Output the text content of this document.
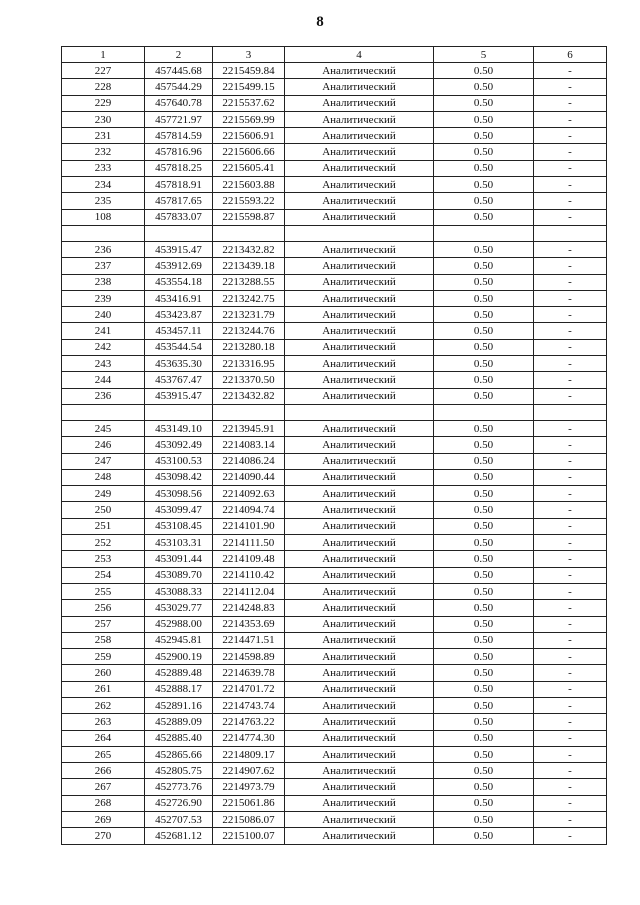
8
1	2	3	4	5	6
227	457445.68	2215459.84	Аналитический	0.50	-
228	457544.29	2215499.15	Аналитический	0.50	-
229	457640.78	2215537.62	Аналитический	0.50	-
230	457721.97	2215569.99	Аналитический	0.50	-
231	457814.59	2215606.91	Аналитический	0.50	-
232	457816.96	2215606.66	Аналитический	0.50	-
233	457818.25	2215605.41	Аналитический	0.50	-
234	457818.91	2215603.88	Аналитический	0.50	-
235	457817.65	2215593.22	Аналитический	0.50	-
108	457833.07	2215598.87	Аналитический	0.50	-

236	453915.47	2213432.82	Аналитический	0.50	-
237	453912.69	2213439.18	Аналитический	0.50	-
238	453554.18	2213288.55	Аналитический	0.50	-
239	453416.91	2213242.75	Аналитический	0.50	-
240	453423.87	2213231.79	Аналитический	0.50	-
241	453457.11	2213244.76	Аналитический	0.50	-
242	453544.54	2213280.18	Аналитический	0.50	-
243	453635.30	2213316.95	Аналитический	0.50	-
244	453767.47	2213370.50	Аналитический	0.50	-
236	453915.47	2213432.82	Аналитический	0.50	-

245	453149.10	2213945.91	Аналитический	0.50	-
246	453092.49	2214083.14	Аналитический	0.50	-
247	453100.53	2214086.24	Аналитический	0.50	-
248	453098.42	2214090.44	Аналитический	0.50	-
249	453098.56	2214092.63	Аналитический	0.50	-
250	453099.47	2214094.74	Аналитический	0.50	-
251	453108.45	2214101.90	Аналитический	0.50	-
252	453103.31	2214111.50	Аналитический	0.50	-
253	453091.44	2214109.48	Аналитический	0.50	-
254	453089.70	2214110.42	Аналитический	0.50	-
255	453088.33	2214112.04	Аналитический	0.50	-
256	453029.77	2214248.83	Аналитический	0.50	-
257	452988.00	2214353.69	Аналитический	0.50	-
258	452945.81	2214471.51	Аналитический	0.50	-
259	452900.19	2214598.89	Аналитический	0.50	-
260	452889.48	2214639.78	Аналитический	0.50	-
261	452888.17	2214701.72	Аналитический	0.50	-
262	452891.16	2214743.74	Аналитический	0.50	-
263	452889.09	2214763.22	Аналитический	0.50	-
264	452885.40	2214774.30	Аналитический	0.50	-
265	452865.66	2214809.17	Аналитический	0.50	-
266	452805.75	2214907.62	Аналитический	0.50	-
267	452773.76	2214973.79	Аналитический	0.50	-
268	452726.90	2215061.86	Аналитический	0.50	-
269	452707.53	2215086.07	Аналитический	0.50	-
270	452681.12	2215100.07	Аналитический	0.50	-
